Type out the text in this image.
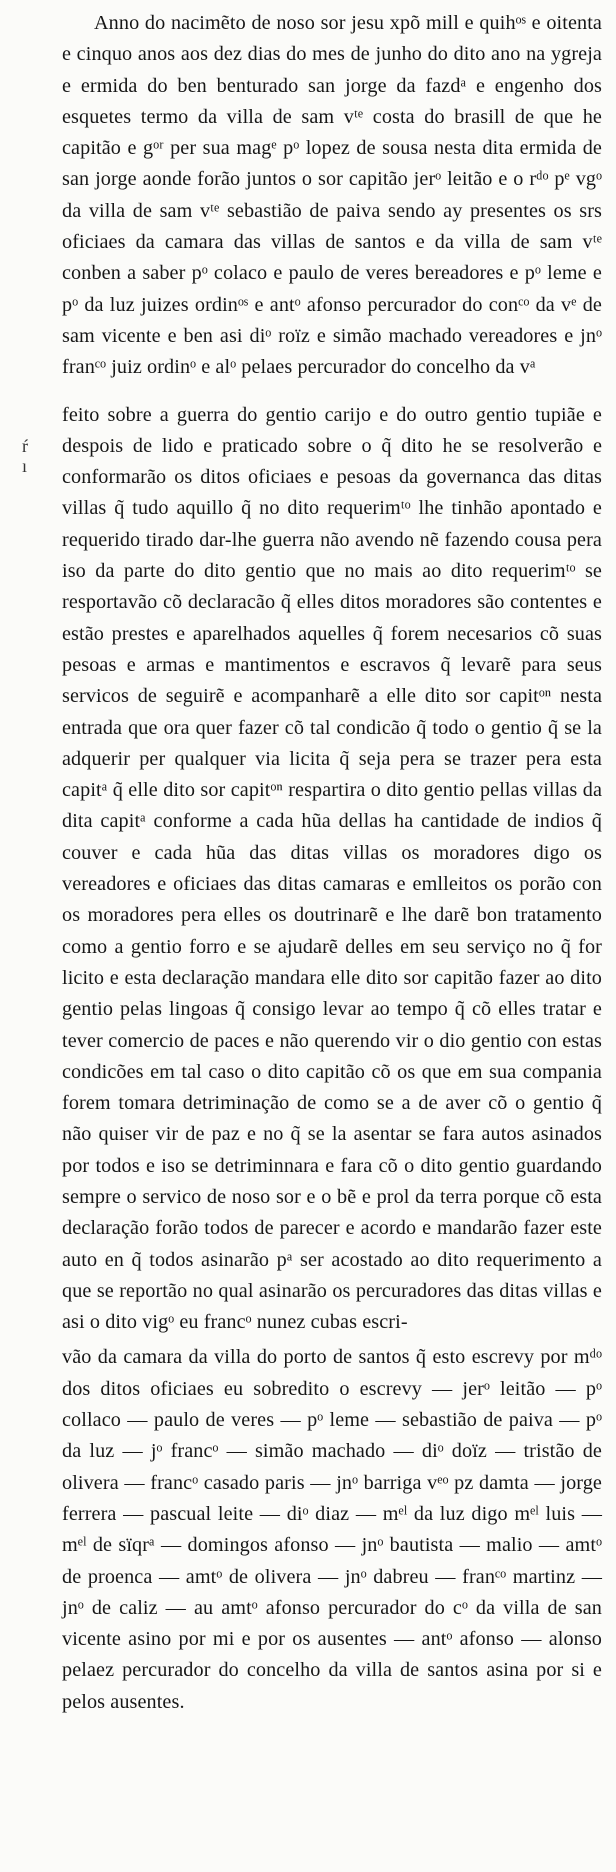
ŕ
ı

Anno do nacimẽto de noso sor jesu xpõ mill e quihᵒˢ e oitenta e cinquo anos aos dez dias do mes de junho do dito ano na ygreja e ermida do ben benturado san jorge da fazdᵃ e engenho dos esquetes termo da villa de sam vᵗᵉ costa do brasill de que he capitão e gᵒʳ per sua magᵉ pᵒ lopez de sousa nesta dita ermida de san jorge aonde forão juntos o sor capitão jerᵒ leitão e o rᵈᵒ pᵉ vgᵒ da villa de sam vᵗᵉ sebastião de paiva sendo ay presentes os srs oficiaes da camara das villas de santos e da villa de sam vᵗᵉ conben a saber pᵒ colaco e paulo de veres bereadores e pᵒ leme e pᵒ da luz juizes ordinᵒˢ e antᵒ afonso percurador do conᶜᵒ da vᵉ de sam vicente e ben asi diᵒ roïz e simão machado vereadores e jnᵒ franᶜᵒ juiz ordinᵒ e alᵒ pelaes percurador do concelho da vᵃ

feito sobre a guerra do gentio carijo e do outro gentio tupiãe e despois de lido e praticado sobre o q̃ dito he se resolverão e conformarão os ditos oficiaes e pesoas da governanca das ditas villas q̃ tudo aquillo q̃ no dito requerimᵗᵒ lhe tinhão apontado e requerido tirado dar-lhe guerra não avendo nẽ fazendo cousa pera iso da parte do dito gentio que no mais ao dito requerimᵗᵒ se resportavão cõ declaracão q̃ elles ditos moradores são contentes e estão prestes e aparelhados aquelles q̃ forem necesarios cõ suas pesoas e armas e mantimentos e escravos q̃ levarẽ para seus servicos de seguirẽ e acompanharẽ a elle dito sor capitᵒⁿ nesta entrada que ora quer fazer cõ tal condicão q̃ todo o gentio q̃ se la adquerir per qualquer via licita q̃ seja pera se trazer pera esta capitᵃ q̃ elle dito sor capitᵒⁿ respartira o dito gentio pellas villas da dita capitᵃ conforme a cada hũa dellas ha cantidade de indios q̃ couver e cada hũa das ditas villas os moradores digo os vereadores e oficiaes das ditas camaras e emlleitos os porão con os moradores pera elles os doutrinarẽ e lhe darẽ bon tratamento como a gentio forro e se ajudarẽ delles em seu serviço no q̃ for licito e esta declaração mandara elle dito sor capitão fazer ao dito gentio pelas lingoas q̃ consigo levar ao tempo q̃ cõ elles tratar e tever comercio de paces e não querendo vir o dio gentio con estas condicões em tal caso o dito capitão cõ os que em sua compania forem tomara detriminação de como se a de aver cõ o gentio q̃ não quiser vir de paz e no q̃ se la asentar se fara autos asinados por todos e iso se detriminnara e fara cõ o dito gentio guardando sempre o servico de noso sor e o bẽ e prol da terra porque cõ esta declaração forão todos de parecer e acordo e mandarão fazer este auto en q̃ todos asinarão pᵃ ser acostado ao dito requerimento a que se reportão no qual asinarão os percuradores das ditas villas e asi o dito vigᵒ eu francᵒ nunez cubas escri-

vão da camara da villa do porto de santos q̃ esto escrevy por mᵈᵒ dos ditos oficiaes eu sobredito o escrevy — jerᵒ leitão — pᵒ collaco — paulo de veres — pᵒ leme — sebastião de paiva — pᵒ da luz — jᵒ francᵒ — simão machado — diᵒ doïz — tristão de olivera — francᵒ casado paris — jnᵒ barriga vᵉᵒ pz damta — jorge ferrera — pascual leite — diᵒ diaz — mᵉˡ da luz digo mᵉˡ luis — mᵉˡ de sïqrᵃ — domingos afonso — jnᵒ bautista — malio — amtᵒ de proenca — amtᵒ de olivera — jnᵒ dabreu — franᶜᵒ martinz — jnᵒ de caliz — au amtᵒ afonso percurador do cᵒ da villa de san vicente asino por mi e por os ausentes — antᵒ afonso — alonso pelaez percurador do concelho da villa de santos asina por si e pelos ausentes.
